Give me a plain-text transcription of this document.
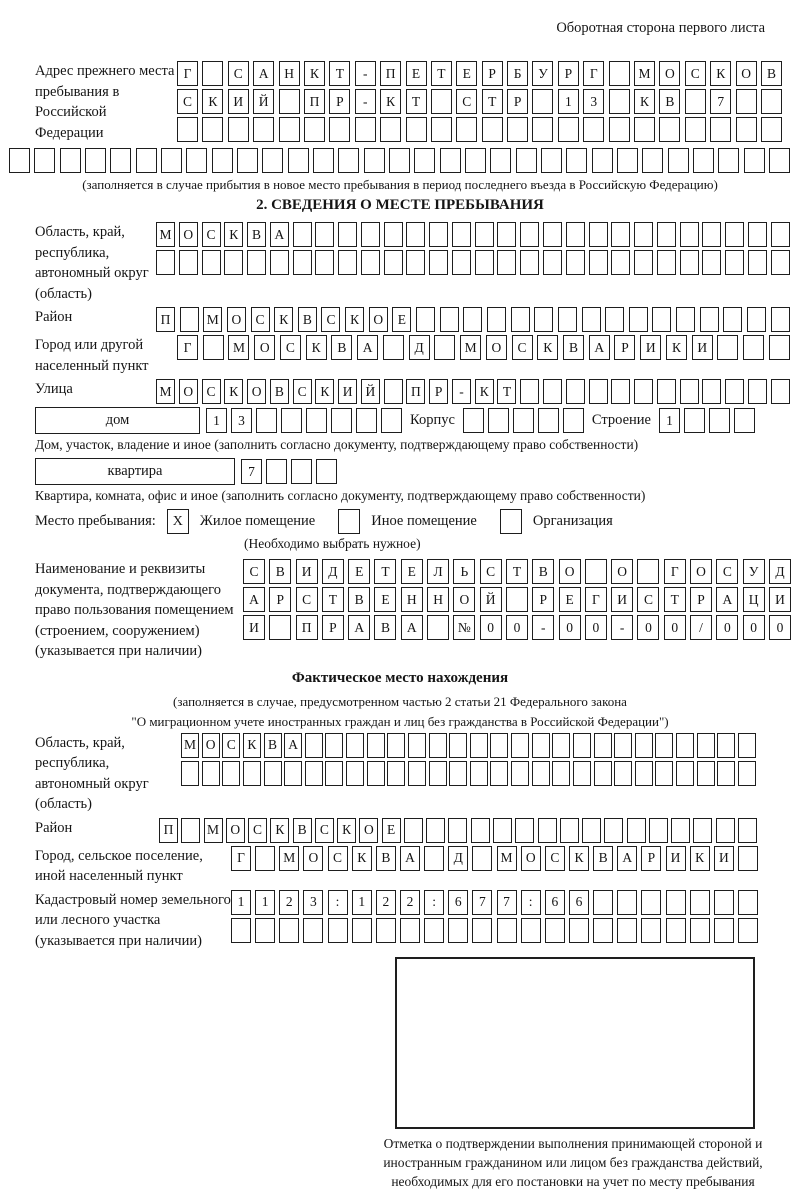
Оборотная сторона первого листа
Адрес прежнего места пребывания в Российской Федерации
Г	С	А	Н	К	Т	-	П	Е	Т	Е	Р	Б	У	Р	Г	М	О	С	К	О	В
С	К	И	Й	П	Р	-	К	Т	С	Т	Р	1	3	К	В	7
(заполняется в случае прибытия в новое место пребывания в период последнего въезда в Российскую Федерацию)
2. СВЕДЕНИЯ О МЕСТЕ ПРЕБЫВАНИЯ
Область, край, республика, автономный округ (область)
М О С	К	В А
Район	П	М О	С	К	В	С	К	О	Е
Город или другой населенный пункт
Г	М	О	С	К	В	А	Д	М	О	С	К	В	А	Р	И	К	И
Улица	М О С	К О В	С	К И Й	П	Р	-	К	Т
дом	1	3	Корпус	Строение	1
Дом, участок, владение и иное (заполнить согласно документу, подтверждающему право собственности)
квартира	7
Квартира, комната, офис и иное (заполнить согласно документу, подтверждающему право собственности)
Место пребывания:	X	Жилое помещение	Иное помещение	Организация
(Необходимо выбрать нужное)
Наименование и реквизиты документа, подтверждающего право пользования помещением (строением, сооружением) (указывается при наличии)
С	В	И	Д	Е	Т	Е	Л	Ь	С	Т	В	О	О	Г	О	С	У	Д
А	Р	С	Т	В	Е	Н	Н	О	Й	Р	Е	Г	И	С	Т	Р	А	Ц	И
И	П	Р	А	В	А	№	0	0	-	0	0	-	0	0	/	0	0	0
Фактическое место нахождения
(заполняется в случае, предусмотренном частью 2 статьи 21 Федерального закона
"О миграционном учете иностранных граждан и лиц без гражданства в Российской Федерации")
Область, край, республика, автономный округ (область)
М О С К В А
Район	П	М О С К В С К О Е
Город, сельское поселение, иной населенный пункт
Г	М О	С	К	В	А	Д	М О	С	К	В	А	Р	И	К	И
Кадастровый номер земельного или лесного участка (указывается при наличии)
1	1	2	3	:	1	2	2	:	6	7	7	:	6	6
Отметка о подтверждении выполнения принимающей стороной и иностранным гражданином или лицом без гражданства действий, необходимых для его постановки на учет по месту пребывания
